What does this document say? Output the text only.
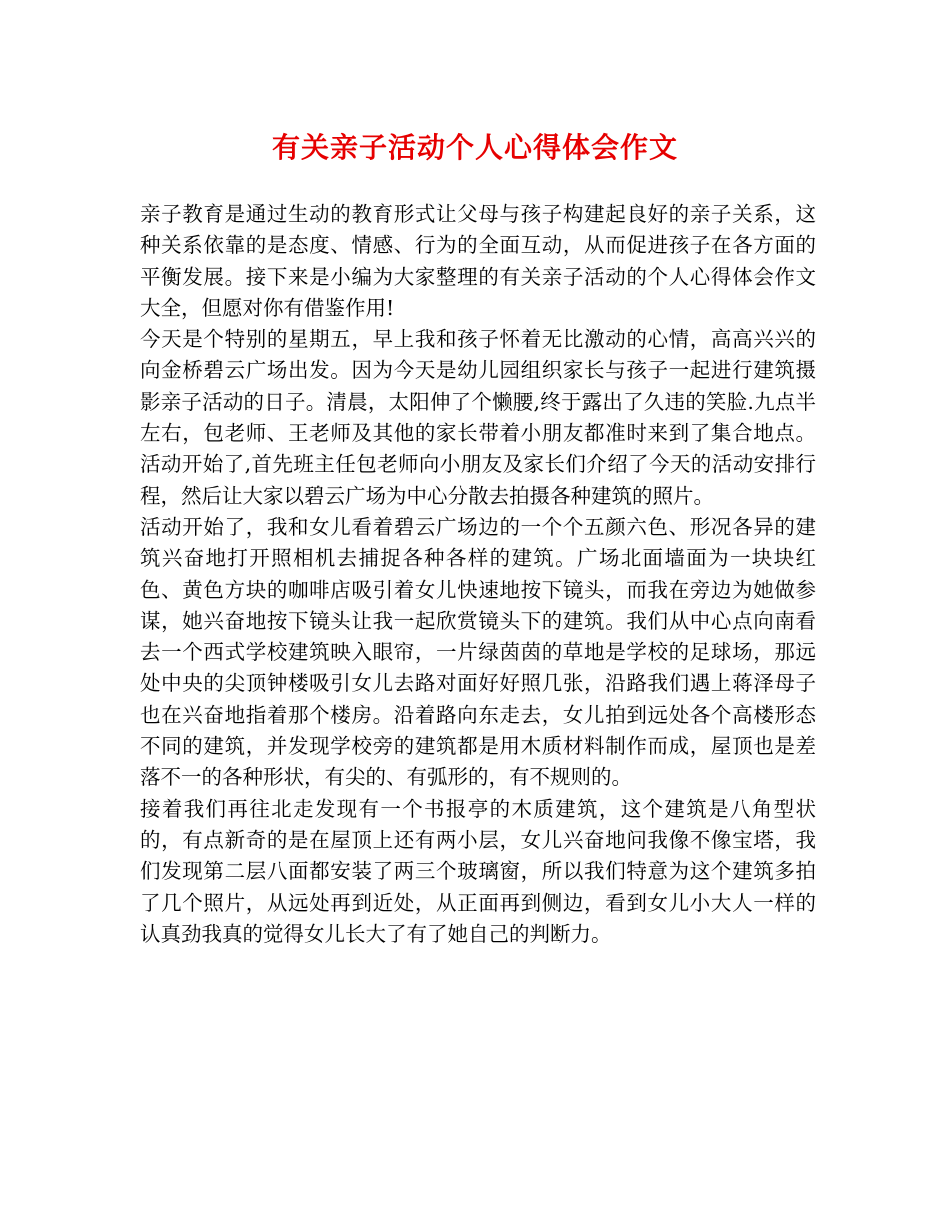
有关亲子活动个人心得体会作文

亲子教育是通过生动的教育形式让父母与孩子构建起良好的亲子关系，这种关系依靠的是态度、情感、行为的全面互动，从而促进孩子在各方面的平衡发展。接下来是小编为大家整理的有关亲子活动的个人心得体会作文大全，但愿对你有借鉴作用!

今天是个特别的星期五，早上我和孩子怀着无比激动的心情，高高兴兴的向金桥碧云广场出发。因为今天是幼儿园组织家长与孩子一起进行建筑摄影亲子活动的日子。清晨，太阳伸了个懒腰,终于露出了久违的笑脸.九点半左右，包老师、王老师及其他的家长带着小朋友都准时来到了集合地点。活动开始了,首先班主任包老师向小朋友及家长们介绍了今天的活动安排行程，然后让大家以碧云广场为中心分散去拍摄各种建筑的照片。

活动开始了，我和女儿看着碧云广场边的一个个五颜六色、形况各异的建筑兴奋地打开照相机去捕捉各种各样的建筑。广场北面墙面为一块块红色、黄色方块的咖啡店吸引着女儿快速地按下镜头，而我在旁边为她做参谋，她兴奋地按下镜头让我一起欣赏镜头下的建筑。我们从中心点向南看去一个西式学校建筑映入眼帘，一片绿茵茵的草地是学校的足球场，那远处中央的尖顶钟楼吸引女儿去路对面好好照几张，沿路我们遇上蒋泽母子也在兴奋地指着那个楼房。沿着路向东走去，女儿拍到远处各个高楼形态不同的建筑，并发现学校旁的建筑都是用木质材料制作而成，屋顶也是差落不一的各种形状，有尖的、有弧形的，有不规则的。

接着我们再往北走发现有一个书报亭的木质建筑，这个建筑是八角型状的，有点新奇的是在屋顶上还有两小层，女儿兴奋地问我像不像宝塔，我们发现第二层八面都安装了两三个玻璃窗，所以我们特意为这个建筑多拍了几个照片，从远处再到近处，从正面再到侧边，看到女儿小大人一样的认真劲我真的觉得女儿长大了有了她自己的判断力。
